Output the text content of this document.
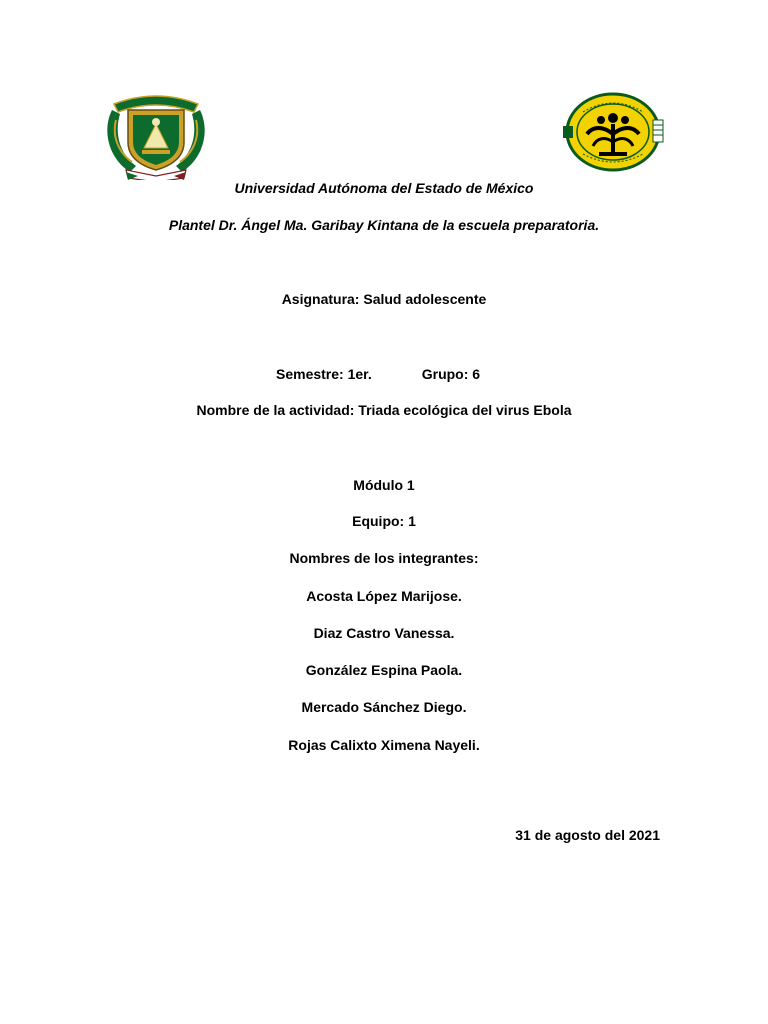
Universidad Autónoma del Estado de México
Plantel Dr. Ángel Ma. Garibay Kintana de la escuela preparatoria.
Asignatura: Salud adolescente
Semestre: 1er.	Grupo: 6
Nombre de la actividad: Triada ecológica del virus Ebola
Módulo 1
Equipo: 1
Nombres de los integrantes:
Acosta López Marijose.
Diaz Castro Vanessa.
González Espina Paola.
Mercado Sánchez Diego.
Rojas Calixto Ximena Nayeli.
31 de agosto del 2021
